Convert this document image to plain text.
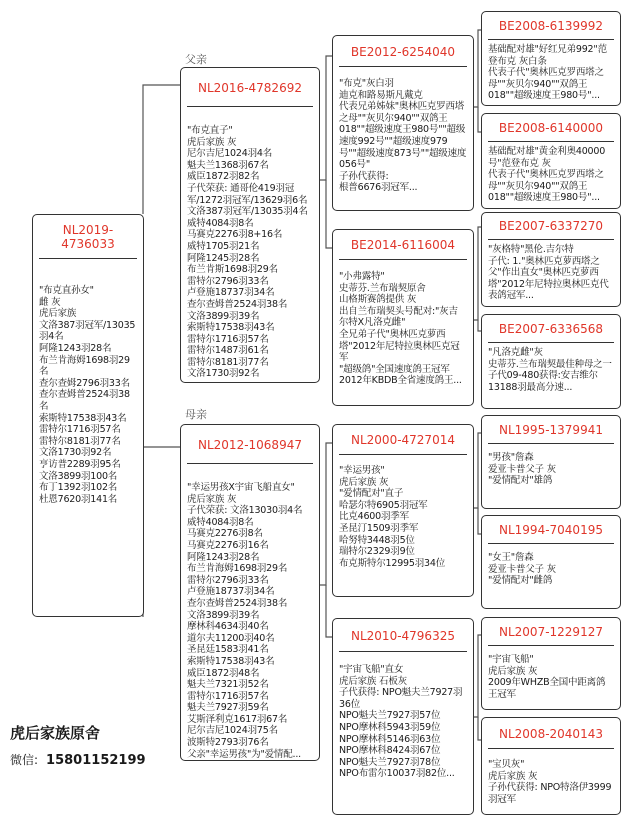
父亲
母亲
NL2019-4736033
"布克直孙女"
雌 灰
虎后家族
文洛387羽冠军/13035羽4名
阿隆1243羽28名
布兰肯海姆1698羽29名
查尔查姆2796羽33名
查尔查姆普2524羽38名
索斯特17538羽43名
雷特尔1716羽57名
雷特尔8181羽77名
文洛1730羽92名
亨访普2289羽95名
文洛3899羽100名
布丁1392羽102名
杜恩7620羽141名
NL2016-4782692
"布克直子"
虎后家族 灰
尼尔吉尼1024羽4名
魁夫兰1368羽67名
威臣1872羽82名
子代荣获: 通哥伦419羽冠
军/1272羽冠军/13629羽6名
文洛387羽冠军/13035羽4名
威特4084羽8名
马赛克2276羽8+16名
威特1705羽21名
阿隆1245羽28名
布兰肯斯1698羽29名
雷特尔2796羽33名
卢登施18737羽34名
查尔查姆普2524羽38名
文洛3899羽39名
索斯特17538羽43名
雷特尔1716羽57名
雷特尔1487羽61名
雷特尔8181羽77名
文洛1730羽92名
NL2012-1068947
"幸运男孩X宇宙飞船直女"
虎后家族 灰
子代荣获: 文洛13030羽4名
威特4084羽8名
马赛克2276羽8名
马赛克2276羽16名
阿隆1243羽28名
布兰肯海姆1698羽29名
雷特尔2796羽33名
卢登施18737羽34名
查尔查姆普2524羽38名
文洛3899羽39名
摩林科4634羽40名
道尔夫11200羽40名
圣昆廷1583羽41名
索斯特17538羽43名
威臣1872羽48名
魁夫兰7321羽52名
雷特尔1716羽57名
魁夫兰7927羽59名
艾斯泽利克1617羽67名
尼尔吉尼1024羽75名
波斯特2793羽76名
父亲"幸运男孩"为"爱情配...
BE2012-6254040
"布克"灰白羽
迪克和路易斯凡戴克
代表兄弟姊妹"奥林匹克罗西塔之母""灰贝尔940""双鸽王018""超级速度王980号""超级速度992号""超级速度979号""超级速度873号""超级速度056号"
子孙代获得:
根普6676羽冠军...
BE2014-6116004
"小弗露特"
史蒂芬.兰布瑞契原舍
山格斯赛鸽提供 灰
出自兰布瑞契头号配对:"灰吉尔特X凡洛克雌"
全兄弟子代"奥林匹克萝西塔"2012年尼特拉奥林匹克冠军
"超级鸽"全国速度鸽王冠军
2012年KBDB全省速度鸽王...
NL2000-4727014
"幸运男孩"
虎后家族 灰
"爱情配对"直子
哈瑟尔特6905羽冠军
比克4600羽季军
圣昆汀1509羽季军
哈努特3448羽5位
瑞特尔2329羽9位
布克斯特尔12995羽34位
NL2010-4796325
"宇宙飞船"直女
虎后家族 石板灰
子代获得: NPO魁夫兰7927羽36位
NPO魁夫兰7927羽57位
NPO摩林科5943羽59位
NPO摩林科5146羽63位
NPO摩林科8424羽67位
NPO魁夫兰7927羽78位
NPO布雷尔10037羽82位...
BE2008-6139992
基础配对雄"好红兄弟992"范登布克 灰白条
代表子代"奥林匹克罗西塔之母""灰贝尔940""双鸽王018""超级速度王980号"...
BE2008-6140000
基础配对雄"黄金利奥40000号"范登布克 灰
代表子代"奥林匹克罗西塔之母""灰贝尔940""双鸽王018""超级速度王980号"...
BE2007-6337270
"灰格特"黑伦.吉尔特
子代: 1."奥林匹克萝西塔之父"作出直女"奥林匹克萝西塔"2012年尼特拉奥林匹克代表鸽冠军...
BE2007-6336568
"凡洛克雌"灰
史蒂芬.兰布瑞契最佳种母之一
子代09-480获得:安吉维尔13188羽最高分速...
NL1995-1379941
"男孩"詹森
爱亚卡普父子 灰
"爱情配对"雄鸽
NL1994-7040195
"女王"詹森
爱亚卡普父子 灰
"爱情配对"雌鸽
NL2007-1229127
"宇宙飞船"
虎后家族 灰
2009年WHZB全国中距离鸽王冠军
NL2008-2040143
"宝贝灰"
虎后家族 灰
子孙代获得: NPO特洛伊3999羽冠军
虎后家族原舍
微信: 15801152199
